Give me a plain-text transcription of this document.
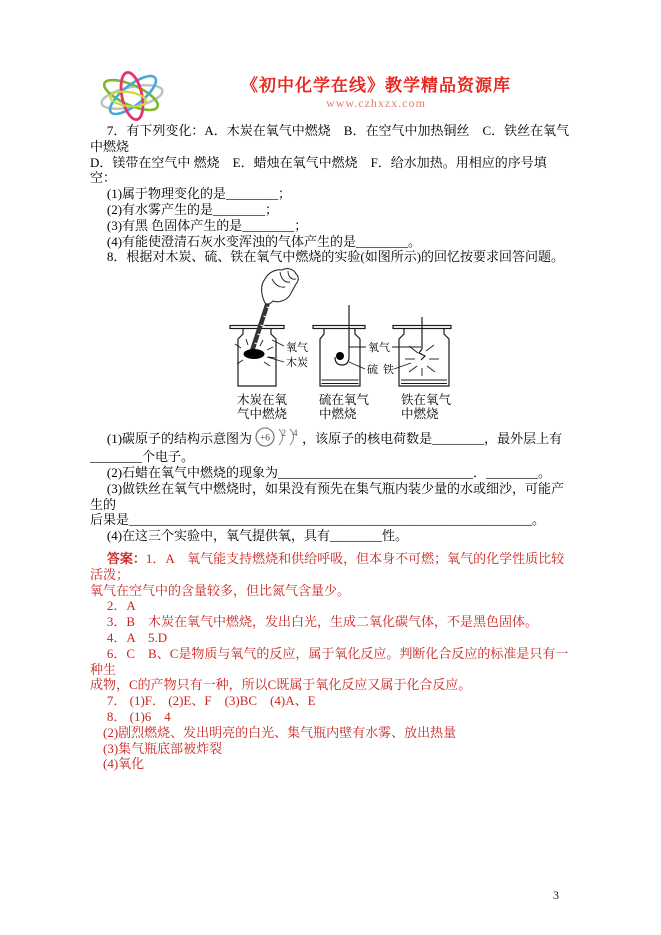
《初中化学在线》教学精品资源库
www.czhxzx.com

7．有下列变化：A．木炭在氧气中燃烧　B．在空气中加热铜丝　C．铁丝在氧气中燃烧

D．镁带在空气中 燃烧　E．蜡烛在氧气中燃烧　F．给水加热。用相应的序号填空：

(1)属于物理变化的是________；

(2)有水雾产生的是________；

(3)有黑 色固体产生的是________；

(4)有能使澄清石灰水变浑浊的气体产生的是________。

8．根据对木炭、硫、铁在氧气中燃烧的实验(如图所示)的回忆按要求回答问题。

氧气
木炭
木炭在氧
气中燃烧
氧气
硫
硫在氧气
中燃烧
铁
铁在氧气
中燃烧

(1)碳原子的结构示意图为 +6
2 4 ，该原子的核电荷数是________，最外层上有

________个电子。

(2)石蜡在氧气中燃烧的现象为______________________________．________。

(3)做铁丝在氧气中燃烧时，如果没有预先在集气瓶内装少量的水或细沙，可能产生的

后果是______________________________________________________________。

(4)在这三个实验中，氧气提供氧，具有________性。

答案：1．A　氧气能支持燃烧和供给呼吸，但本身不可燃；氧气的化学性质比较活泼；

氧气在空气中的含量较多，但比氮气含量少。

2．A

3．B　木炭在氧气中燃烧，发出白光，生成二氧化碳气体，不是黑色固体。

4．A　5.D

6．C　B、C是物质与氧气的反应，属于氧化反应。判断化合反应的标准是只有一种生

成物，C的产物只有一种，所以C既属于氧化反应又属于化合反应。

7． (1)F． (2)E、F　(3)BC　(4)A、E

8． (1)6　4

(2)剧烈燃烧、发出明亮的白光、集气瓶内壁有水雾、放出热量

(3)集气瓶底部被炸裂

(4)氧化

3
